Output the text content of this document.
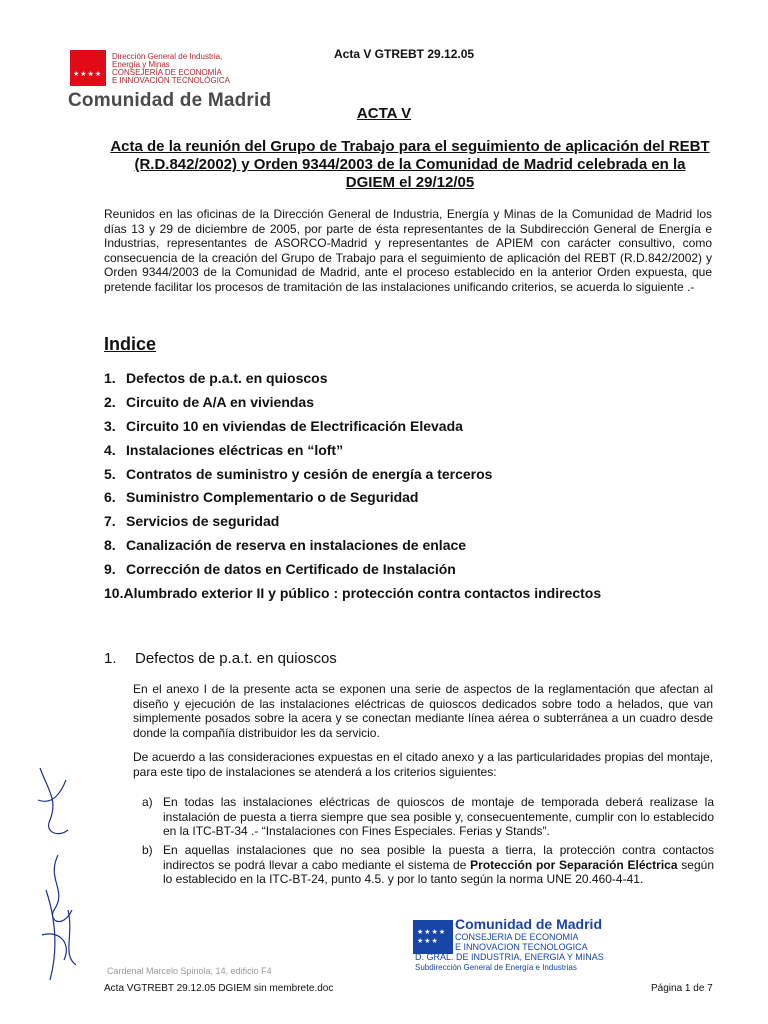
★★★★
Dirección General de Industria,
Energía y Minas
CONSEJERÍA DE ECONOMÍA
E INNOVACIÓN TECNOLÓGICA
Comunidad de Madrid
Acta V GTREBT 29.12.05
ACTA V
Acta de la reunión del Grupo de Trabajo para el seguimiento de aplicación del REBT (R.D.842/2002) y Orden 9344/2003 de la Comunidad de Madrid celebrada en la DGIEM el 29/12/05
Reunidos en las oficinas de la Dirección General de Industria, Energía y Minas de la Comunidad de Madrid los días 13 y 29 de diciembre de 2005, por parte de ésta representantes de la Subdirección General de Energía e Industrias, representantes de ASORCO-Madrid y representantes de APIEM con carácter consultivo, como consecuencia de la creación del Grupo de Trabajo para el seguimiento de aplicación del REBT (R.D.842/2002) y Orden 9344/2003 de la Comunidad de Madrid, ante el proceso establecido en la anterior Orden expuesta, que pretende facilitar los procesos de tramitación de las instalaciones unificando criterios, se acuerda lo siguiente .-
Indice
1. Defectos de p.a.t. en quioscos
2. Circuito de A/A en viviendas
3. Circuito 10 en viviendas de Electrificación Elevada
4. Instalaciones eléctricas en “loft”
5. Contratos de suministro y cesión de energía a terceros
6. Suministro Complementario o de Seguridad
7. Servicios de seguridad
8. Canalización de reserva en instalaciones de enlace
9. Corrección de datos en Certificado de Instalación
10. Alumbrado exterior II y público : protección contra contactos indirectos
1. Defectos de p.a.t. en quioscos
En el anexo I de la presente acta se exponen una serie de aspectos de la reglamentación que afectan al diseño y ejecución de las instalaciones eléctricas de quioscos dedicados sobre todo a helados, que van simplemente posados sobre la acera y se conectan mediante línea aérea o subterránea a un cuadro desde donde la compañía distribuidor les da servicio.
De acuerdo a las consideraciones expuestas en el citado anexo y a las particularidades propias del montaje, para este tipo de instalaciones se atenderá a los criterios siguientes:
a) En todas las instalaciones eléctricas de quioscos de montaje de temporada deberá realizase la instalación de puesta a tierra siempre que sea posible y, consecuentemente, cumplir con lo establecido en la ITC-BT-34 .- “Instalaciones con Fines Especiales. Ferias y Stands”.
b) En aquellas instalaciones que no sea posible la puesta a tierra, la protección contra contactos indirectos se podrá llevar a cabo mediante el sistema de Protección por Separación Eléctrica según lo establecido en la ITC-BT-24, punto 4.5. y por lo tanto según la norma UNE 20.460-4-41.
★★★★
★★★
Comunidad de Madrid
CONSEJERIA DE ECONOMIA
E INNOVACION TECNOLOGICA
D. GRAL. DE INDUSTRIA, ENERGIA Y MINAS
Subdirección General de Energía e Industrias
Cardenal Marcelo Spinola, 14, edificio F4
Acta VGTREBT 29.12.05 DGIEM sin membrete.doc	Página 1 de 7
